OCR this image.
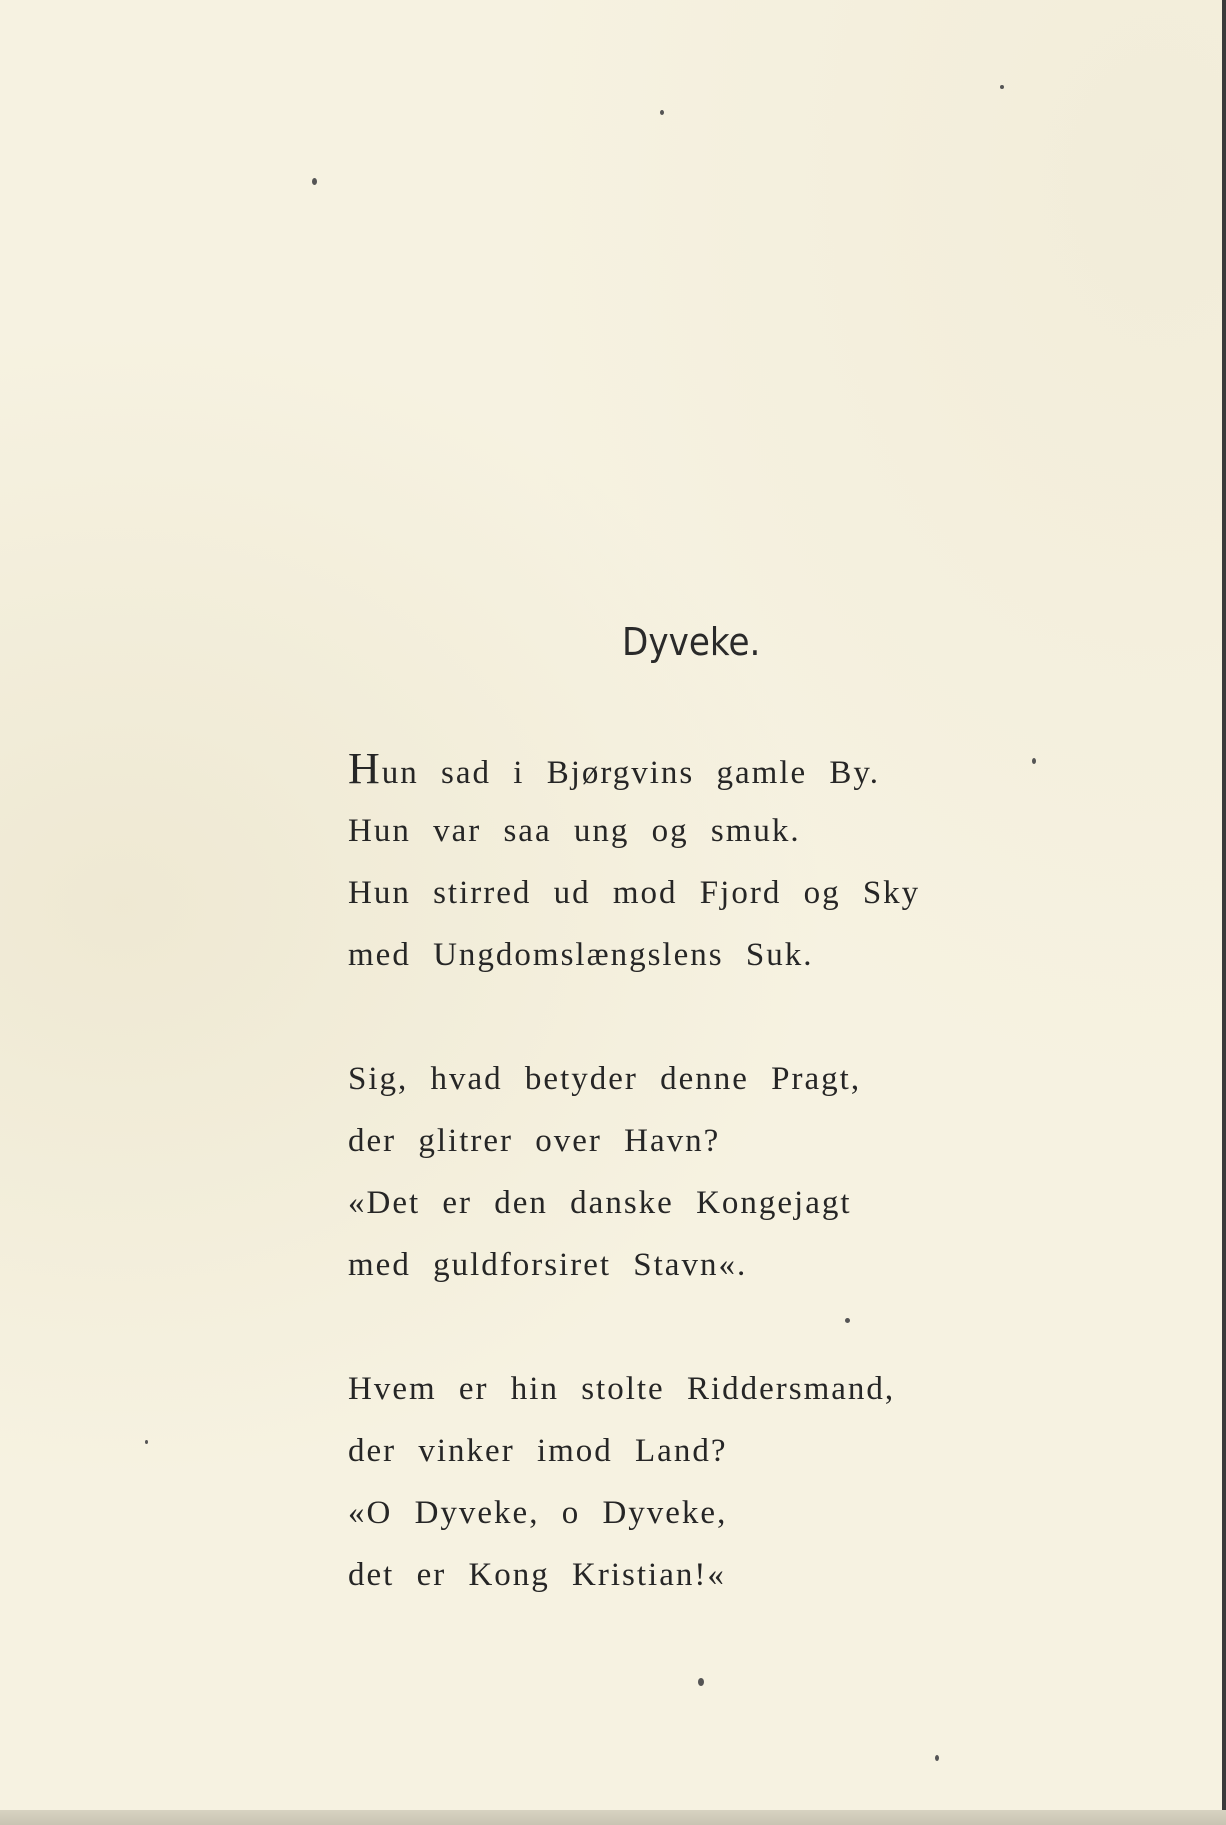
Dyveke.
Hun sad i Bjørgvins gamle By.
Hun var saa ung og smuk.
Hun stirred ud mod Fjord og Sky
med Ungdomslængslens Suk.
Sig, hvad betyder denne Pragt,
der glitrer over Havn?
«Det er den danske Kongejagt
med guldforsiret Stavn«.
Hvem er hin stolte Riddersmand,
der vinker imod Land?
«O Dyveke, o Dyveke,
det er Kong Kristian!«
